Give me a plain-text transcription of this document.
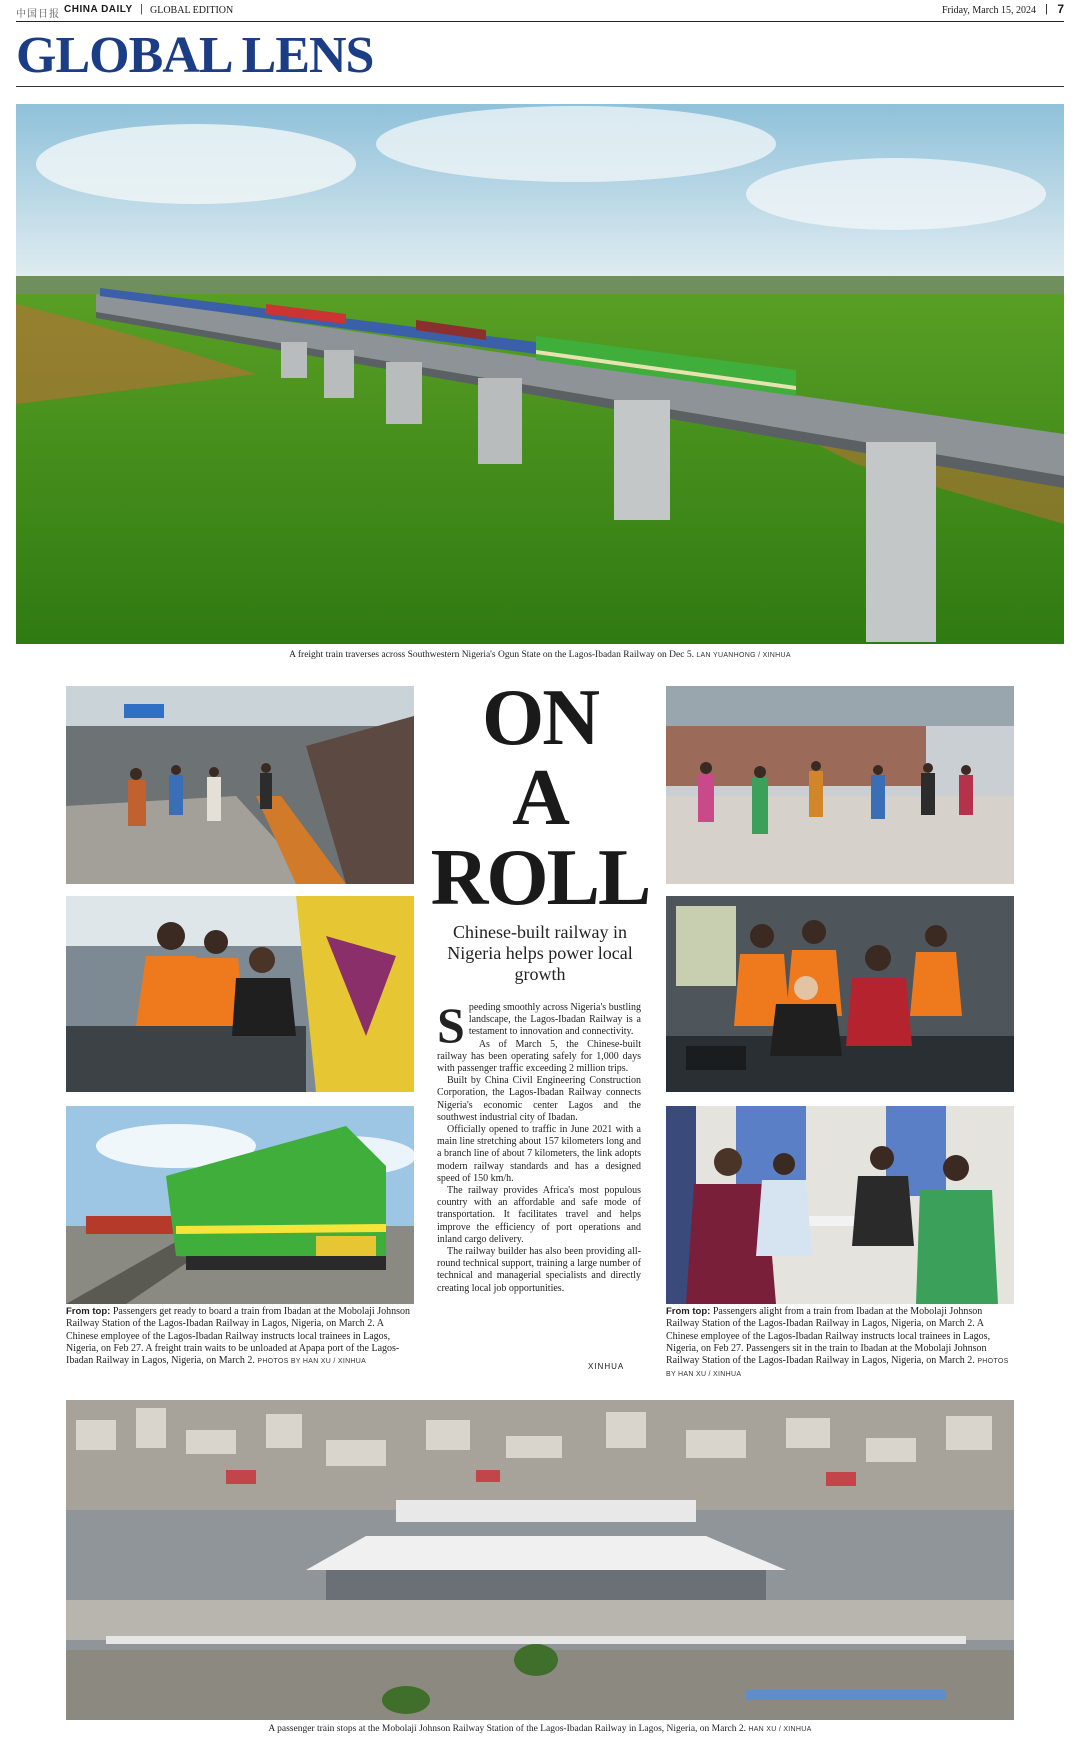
中国日报 CHINA DAILY | GLOBAL EDITION	Friday, March 15, 2024 | 7
GLOBAL LENS
A freight train traverses across Southwestern Nigeria's Ogun State on the Lagos-Ibadan Railway on Dec 5. LAN YUANHONG / XINHUA
From top: Passengers get ready to board a train from Ibadan at the Mobolaji Johnson Railway Station of the Lagos-Ibadan Railway in Lagos, Nigeria, on March 2. A Chinese employee of the Lagos-Ibadan Railway instructs local trainees in Lagos, Nigeria, on Feb 27. A freight train waits to be unloaded at Apapa port of the Lagos-Ibadan Railway in Lagos, Nigeria, on March 2. PHOTOS BY HAN XU / XINHUA
ON
A
ROLL
Chinese-built railway in Nigeria helps power local growth

Speeding smoothly across Nigeria's bustling landscape, the Lagos-Ibadan Railway is a testament to innovation and connectivity.

As of March 5, the Chinese-built railway has been operating safely for 1,000 days with passenger traffic exceeding 2 million trips.

Built by China Civil Engineering Construction Corporation, the Lagos-Ibadan Railway connects Nigeria's economic center Lagos and the southwest industrial city of Ibadan.

Officially opened to traffic in June 2021 with a main line stretching about 157 kilometers long and a branch line of about 7 kilometers, the link adopts modern railway standards and has a designed speed of 150 km/h.

The railway provides Africa's most populous country with an affordable and safe mode of transportation. It facilitates travel and helps improve the efficiency of port operations and inland cargo delivery.

The railway builder has also been providing all-round technical support, training a large number of technical and managerial specialists and directly creating local job opportunities.

XINHUA
From top: Passengers alight from a train from Ibadan at the Mobolaji Johnson Railway Station of the Lagos-Ibadan Railway in Lagos, Nigeria, on March 2. A Chinese employee of the Lagos-Ibadan Railway instructs local trainees in Lagos, Nigeria, on Feb 27. Passengers sit in the train to Ibadan at the Mobolaji Johnson Railway Station of the Lagos-Ibadan Railway in Lagos, Nigeria, on March 2. PHOTOS BY HAN XU / XINHUA
A passenger train stops at the Mobolaji Johnson Railway Station of the Lagos-Ibadan Railway in Lagos, Nigeria, on March 2. HAN XU / XINHUA
